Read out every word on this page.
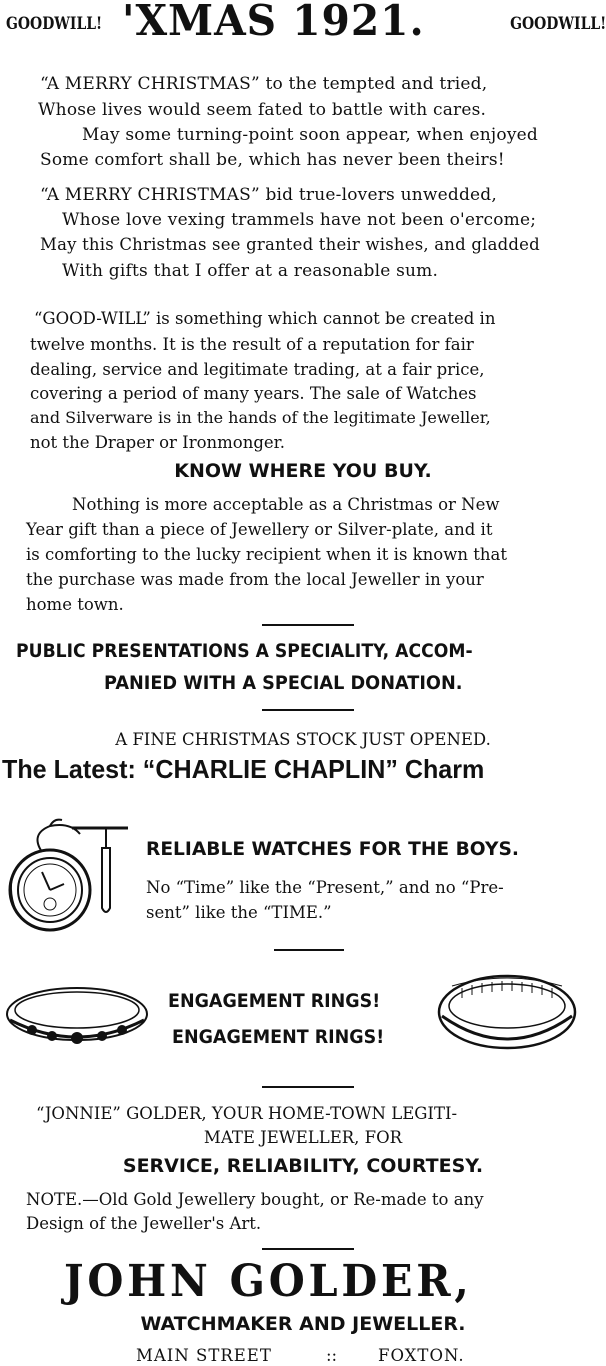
GOODWILL! 'XMAS 1921.	GOODWILL!
“A MERRY CHRISTMAS” to the tempted and tried,
Whose lives would seem fated to battle with cares.
May some turning-point soon appear, when enjoyed
Some comfort shall be, which has never been theirs!
“A MERRY CHRISTMAS” bid true-lovers unwedded,
Whose love vexing trammels have not been o'ercome;
May this Christmas see granted their wishes, and gladded
With gifts that I offer at a reasonable sum.
“GOOD-WILL” is something which cannot be created in
twelve months. It is the result of a reputation for fair
dealing, service and legitimate trading, at a fair price,
covering a period of many years. The sale of Watches
and Silverware is in the hands of the legitimate Jeweller,
not the Draper or Ironmonger.
KNOW WHERE YOU BUY.
Nothing is more acceptable as a Christmas or New
Year gift than a piece of Jewellery or Silver-plate, and it
is comforting to the lucky recipient when it is known that
the purchase was made from the local Jeweller in your
home town.
PUBLIC PRESENTATIONS A SPECIALITY, ACCOM-
PANIED WITH A SPECIAL DONATION.
A FINE CHRISTMAS STOCK JUST OPENED.
The Latest: “CHARLIE CHAPLIN” Charm
RELIABLE WATCHES FOR THE BOYS.
No “Time” like the “Present,” and no “Pre-
sent” like the “TIME.”
ENGAGEMENT RINGS!
ENGAGEMENT RINGS!
“JONNIE” GOLDER, YOUR HOME-TOWN LEGITI-
MATE JEWELLER, FOR
SERVICE, RELIABILITY, COURTESY.
NOTE.—Old Gold Jewellery bought, or Re-made to any
Design of the Jeweller's Art.
JOHN GOLDER,
WATCHMAKER AND JEWELLER.
MAIN STREET	:: FOXTON.
